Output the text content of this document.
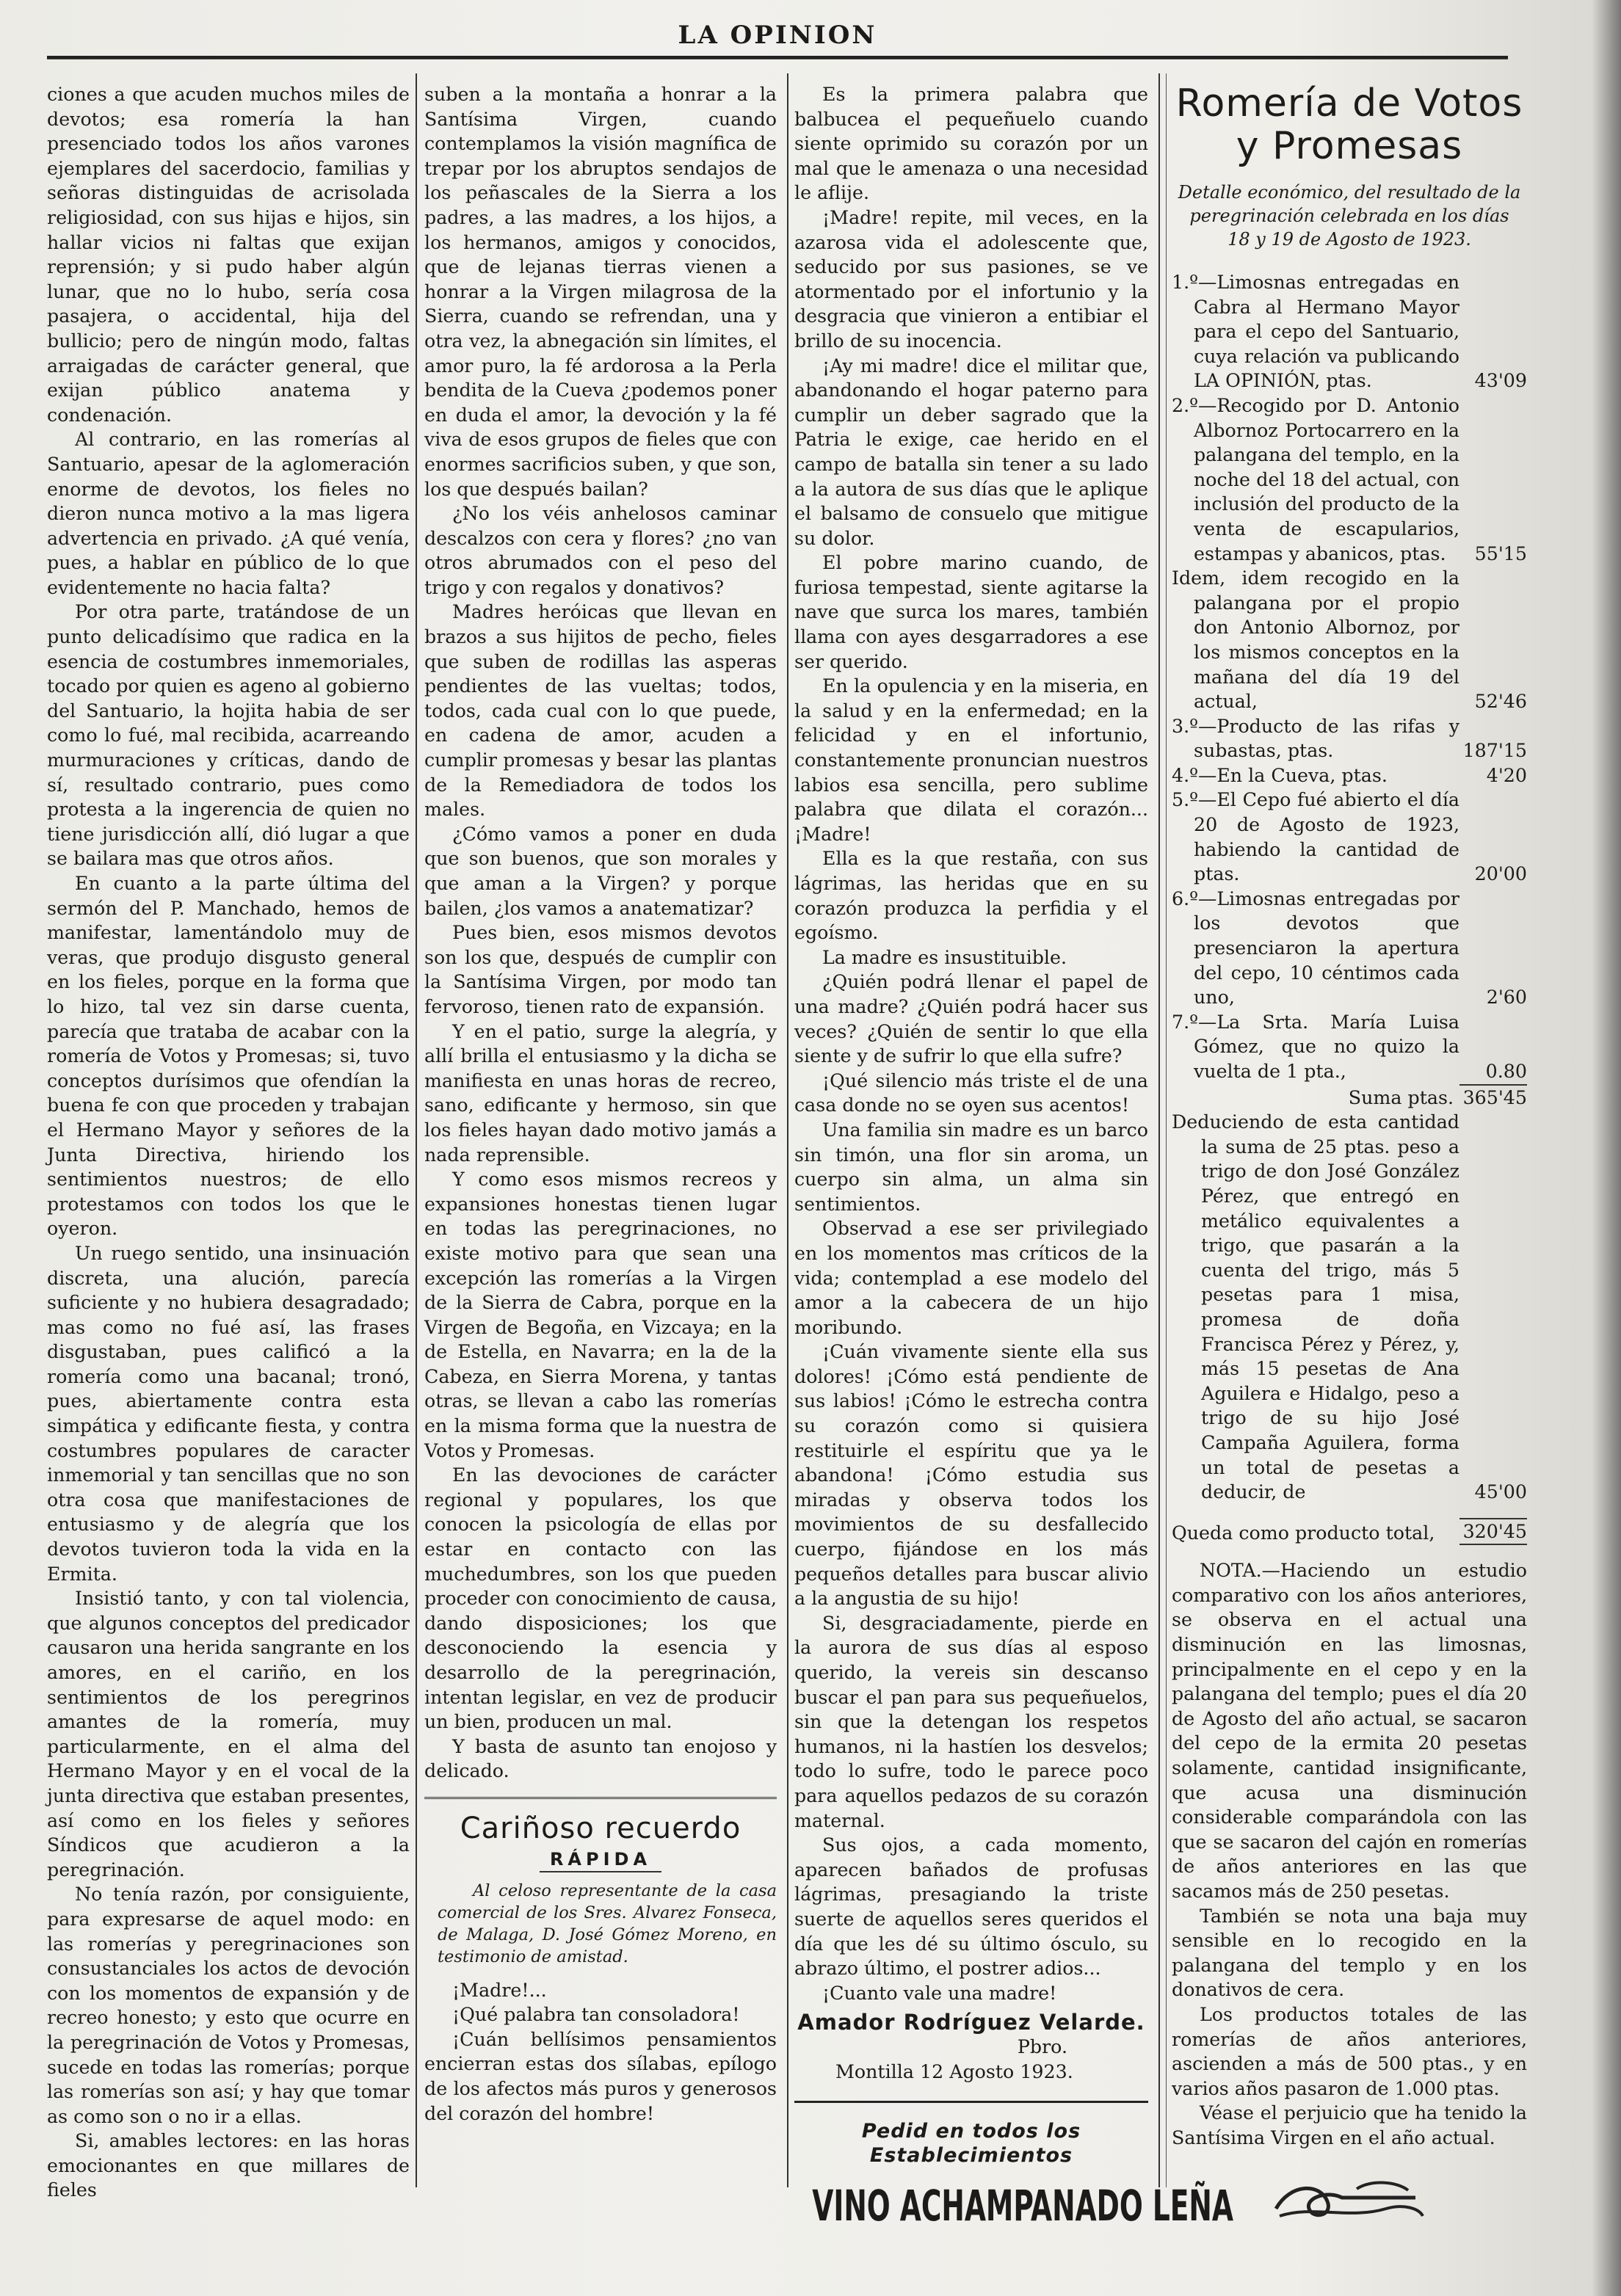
LA OPINION

ciones a que acuden muchos miles de devotos; esa romería la han presenciado todos los años varones ejemplares del sacerdocio, familias y señoras distinguidas de acrisolada religiosidad, con sus hijas e hijos, sin hallar vicios ni faltas que exijan reprensión; y si pudo haber algún lunar, que no lo hubo, sería cosa pasajera, o accidental, hija del bullicio; pero de ningún modo, faltas arraigadas de carácter general, que exijan público anatema y condenación.

Al contrario, en las romerías al Santuario, apesar de la aglomeración enorme de devotos, los fieles no dieron nunca motivo a la mas ligera advertencia en privado. ¿A qué venía, pues, a hablar en público de lo que evidentemente no hacia falta?

Por otra parte, tratándose de un punto delicadísimo que radica en la esencia de costumbres inmemoriales, tocado por quien es ageno al gobierno del Santuario, la hojita habia de ser como lo fué, mal recibida, acarreando murmuraciones y críticas, dando de sí, resultado contrario, pues como protesta a la ingerencia de quien no tiene jurisdicción allí, dió lugar a que se bailara mas que otros años.

En cuanto a la parte última del sermón del P. Manchado, hemos de manifestar, lamentándolo muy de veras, que produjo disgusto general en los fieles, porque en la forma que lo hizo, tal vez sin darse cuenta, parecía que trataba de acabar con la romería de Votos y Promesas; si, tuvo conceptos durísimos que ofendían la buena fe con que proceden y trabajan el Hermano Mayor y señores de la Junta Directiva, hiriendo los sentimientos nuestros; de ello protestamos con todos los que le oyeron.

Un ruego sentido, una insinuación discreta, una alución, parecía suficiente y no hubiera desagradado; mas como no fué así, las frases disgustaban, pues calificó a la romería como una bacanal; tronó, pues, abiertamente contra esta simpática y edificante fiesta, y contra costumbres populares de caracter inmemorial y tan sencillas que no son otra cosa que manifestaciones de entusiasmo y de alegría que los devotos tuvieron toda la vida en la Ermita.

Insistió tanto, y con tal violencia, que algunos conceptos del predicador causaron una herida sangrante en los amores, en el cariño, en los sentimientos de los peregrinos amantes de la romería, muy particularmente, en el alma del Hermano Mayor y en el vocal de la junta directiva que estaban presentes, así como en los fieles y señores Síndicos que acudieron a la peregrinación.

No tenía razón, por consiguiente, para expresarse de aquel modo: en las romerías y peregrinaciones son consustanciales los actos de devoción con los momentos de expansión y de recreo honesto; y esto que ocurre en la peregrinación de Votos y Promesas, sucede en todas las romerías; porque las romerías son así; y hay que tomar as como son o no ir a ellas.

Si, amables lectores: en las horas emocionantes en que millares de fieles

suben a la montaña a honrar a la Santísima Virgen, cuando contemplamos la visión magnífica de trepar por los abruptos sendajos de los peñascales de la Sierra a los padres, a las madres, a los hijos, a los hermanos, amigos y conocidos, que de lejanas tierras vienen a honrar a la Virgen milagrosa de la Sierra, cuando se refrendan, una y otra vez, la abnegación sin límites, el amor puro, la fé ardorosa a la Perla bendita de la Cueva ¿podemos poner en duda el amor, la devoción y la fé viva de esos grupos de fieles que con enormes sacrificios suben, y que son, los que después bailan?

¿No los véis anhelosos caminar descalzos con cera y flores? ¿no van otros abrumados con el peso del trigo y con regalos y donativos?

Madres heróicas que llevan en brazos a sus hijitos de pecho, fieles que suben de rodillas las asperas pendientes de las vueltas; todos, todos, cada cual con lo que puede, en cadena de amor, acuden a cumplir promesas y besar las plantas de la Remediadora de todos los males.

¿Cómo vamos a poner en duda que son buenos, que son morales y que aman a la Virgen? y porque bailen, ¿los vamos a anatematizar?

Pues bien, esos mismos devotos son los que, después de cumplir con la Santísima Virgen, por modo tan fervoroso, tienen rato de expansión.

Y en el patio, surge la alegría, y allí brilla el entusiasmo y la dicha se manifiesta en unas horas de recreo, sano, edificante y hermoso, sin que los fieles hayan dado motivo jamás a nada reprensible.

Y como esos mismos recreos y expansiones honestas tienen lugar en todas las peregrinaciones, no existe motivo para que sean una excepción las romerías a la Virgen de la Sierra de Cabra, porque en la Virgen de Begoña, en Vizcaya; en la de Estella, en Navarra; en la de la Cabeza, en Sierra Morena, y tantas otras, se llevan a cabo las romerías en la misma forma que la nuestra de Votos y Promesas.

En las devociones de carácter regional y populares, los que conocen la psicología de ellas por estar en contacto con las muchedumbres, son los que pueden proceder con conocimiento de causa, dando disposiciones; los que desconociendo la esencia y desarrollo de la peregrinación, intentan legislar, en vez de producir un bien, producen un mal.

Y basta de asunto tan enojoso y delicado.

Cariñoso recuerdo
RÁPIDA

Al celoso representante de la casa comercial de los Sres. Alvarez Fonseca, de Malaga, D. José Gómez Moreno, en testimonio de amistad.

¡Madre!...

¡Qué palabra tan consoladora!

¡Cuán bellísimos pensamientos encierran estas dos sílabas, epílogo de los afectos más puros y generosos del corazón del hombre!

Es la primera palabra que balbucea el pequeñuelo cuando siente oprimido su corazón por un mal que le amenaza o una necesidad le aflije.

¡Madre! repite, mil veces, en la azarosa vida el adolescente que, seducido por sus pasiones, se ve atormentado por el infortunio y la desgracia que vinieron a entibiar el brillo de su inocencia.

¡Ay mi madre! dice el militar que, abandonando el hogar paterno para cumplir un deber sagrado que la Patria le exige, cae herido en el campo de batalla sin tener a su lado a la autora de sus días que le aplique el balsamo de consuelo que mitigue su dolor.

El pobre marino cuando, de furiosa tempestad, siente agitarse la nave que surca los mares, también llama con ayes desgarradores a ese ser querido.

En la opulencia y en la miseria, en la salud y en la enfermedad; en la felicidad y en el infortunio, constantemente pronuncian nuestros labios esa sencilla, pero sublime palabra que dilata el corazón... ¡Madre!

Ella es la que restaña, con sus lágrimas, las heridas que en su corazón produzca la perfidia y el egoísmo.

La madre es insustituible.

¿Quién podrá llenar el papel de una madre? ¿Quién podrá hacer sus veces? ¿Quién de sentir lo que ella siente y de sufrir lo que ella sufre?

¡Qué silencio más triste el de una casa donde no se oyen sus acentos!

Una familia sin madre es un barco sin timón, una flor sin aroma, un cuerpo sin alma, un alma sin sentimientos.

Observad a ese ser privilegiado en los momentos mas críticos de la vida; contemplad a ese modelo del amor a la cabecera de un hijo moribundo.

¡Cuán vivamente siente ella sus dolores! ¡Cómo está pendiente de sus labios! ¡Cómo le estrecha contra su corazón como si quisiera restituirle el espíritu que ya le abandona! ¡Cómo estudia sus miradas y observa todos los movimientos de su desfallecido cuerpo, fijándose en los más pequeños detalles para buscar alivio a la angustia de su hijo!

Si, desgraciadamente, pierde en la aurora de sus días al esposo querido, la vereis sin descanso buscar el pan para sus pequeñuelos, sin que la detengan los respetos humanos, ni la hastíen los desvelos; todo lo sufre, todo le parece poco para aquellos pedazos de su corazón maternal.

Sus ojos, a cada momento, aparecen bañados de profusas lágrimas, presagiando la triste suerte de aquellos seres queridos el día que les dé su último ósculo, su abrazo último, el postrer adios...

¡Cuanto vale una madre!

Amador Rodríguez Velarde.

Pbro.

Montilla 12 Agosto 1923.

Pedid en todos los Establecimientos
VINO ACHAMPANADO LEÑA
Romería de Votos
y Promesas
Detalle económico, del resultado de la peregrinación celebrada en los días 18 y 19 de Agosto de 1923.
1.º—Limosnas entregadas en Cabra al Hermano Mayor para el cepo del Santuario, cuya relación va publicando LA OPINIÓN, ptas.	43'09
2.º—Recogido por D. Antonio Albornoz Portocarrero en la palangana del templo, en la noche del 18 del actual, con inclusión del producto de la venta de escapularios, estampas y abanicos, ptas.	55'15
Idem, idem recogido en la palangana por el propio don Antonio Albornoz, por los mismos conceptos en la mañana del día 19 del actual,	52'46
3.º—Producto de las rifas y subastas, ptas.	187'15
4.º—En la Cueva, ptas.	4'20
5.º—El Cepo fué abierto el día 20 de Agosto de 1923, habiendo la cantidad de ptas.	20'00
6.º—Limosnas entregadas por los devotos que presenciaron la apertura del cepo, 10 céntimos cada uno,	2'60
7.º—La Srta. María Luisa Gómez, que no quizo la vuelta de 1 pta.,	0.80
Suma ptas. 365'45
Deduciendo de esta cantidad la suma de 25 ptas. peso a trigo de don José González Pérez, que entregó en metálico equivalentes a trigo, que pasarán a la cuenta del trigo, más 5 pesetas para 1 misa, promesa de doña Francisca Pérez y Pérez, y, más 15 pesetas de Ana Aguilera e Hidalgo, peso a trigo de su hijo José Campaña Aguilera, forma un total de pesetas a deducir, de	45'00
Queda como producto total,	320'45

NOTA.—Haciendo un estudio comparativo con los años anteriores, se observa en el actual una disminución en las limosnas, principalmente en el cepo y en la palangana del templo; pues el día 20 de Agosto del año actual, se sacaron del cepo de la ermita 20 pesetas solamente, cantidad insignificante, que acusa una disminución considerable comparándola con las que se sacaron del cajón en romerías de años anteriores en las que sacamos más de 250 pesetas.

También se nota una baja muy sensible en lo recogido en la palangana del templo y en los donativos de cera.

Los productos totales de las romerías de años anteriores, ascienden a más de 500 ptas., y en varios años pasaron de 1.000 ptas.

Véase el perjuicio que ha tenido la Santísima Virgen en el año actual.
